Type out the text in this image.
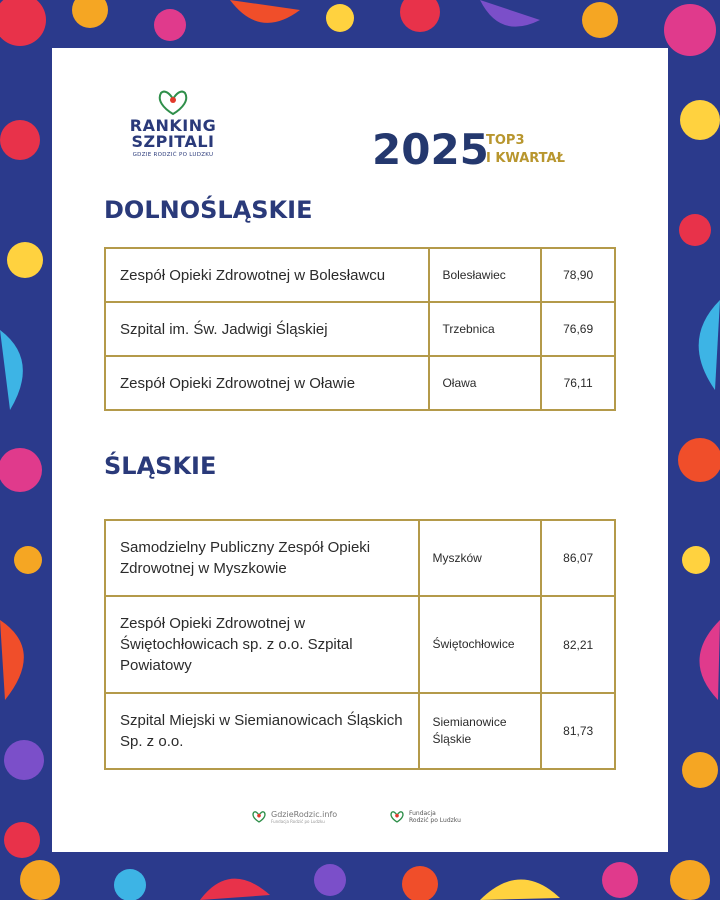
RANKING
SZPITALI
GDZIE RODZIĆ PO LUDZKU	2025
TOP3
I KWARTAŁ
DOLNOŚLĄSKIE
Zespół Opieki Zdrowotnej w Bolesławcu	Bolesławiec	78,90
Szpital im. Św. Jadwigi Śląskiej	Trzebnica	76,69
Zespół Opieki Zdrowotnej w Oławie	Oława	76,11
ŚLĄSKIE
Samodzielny Publiczny Zespół Opieki Zdrowotnej w Myszkowie	Myszków	86,07
Zespół Opieki Zdrowotnej w Świętochłowicach sp. z o.o. Szpital Powiatowy	Świętochłowice	82,21
Szpital Miejski w Siemianowicach Śląskich Sp. z o.o.	Siemianowice Śląskie	81,73
GdzieRodzic.info
Fundacja Rodzić po Ludzku
Fundacja
Rodzić po Ludzku
